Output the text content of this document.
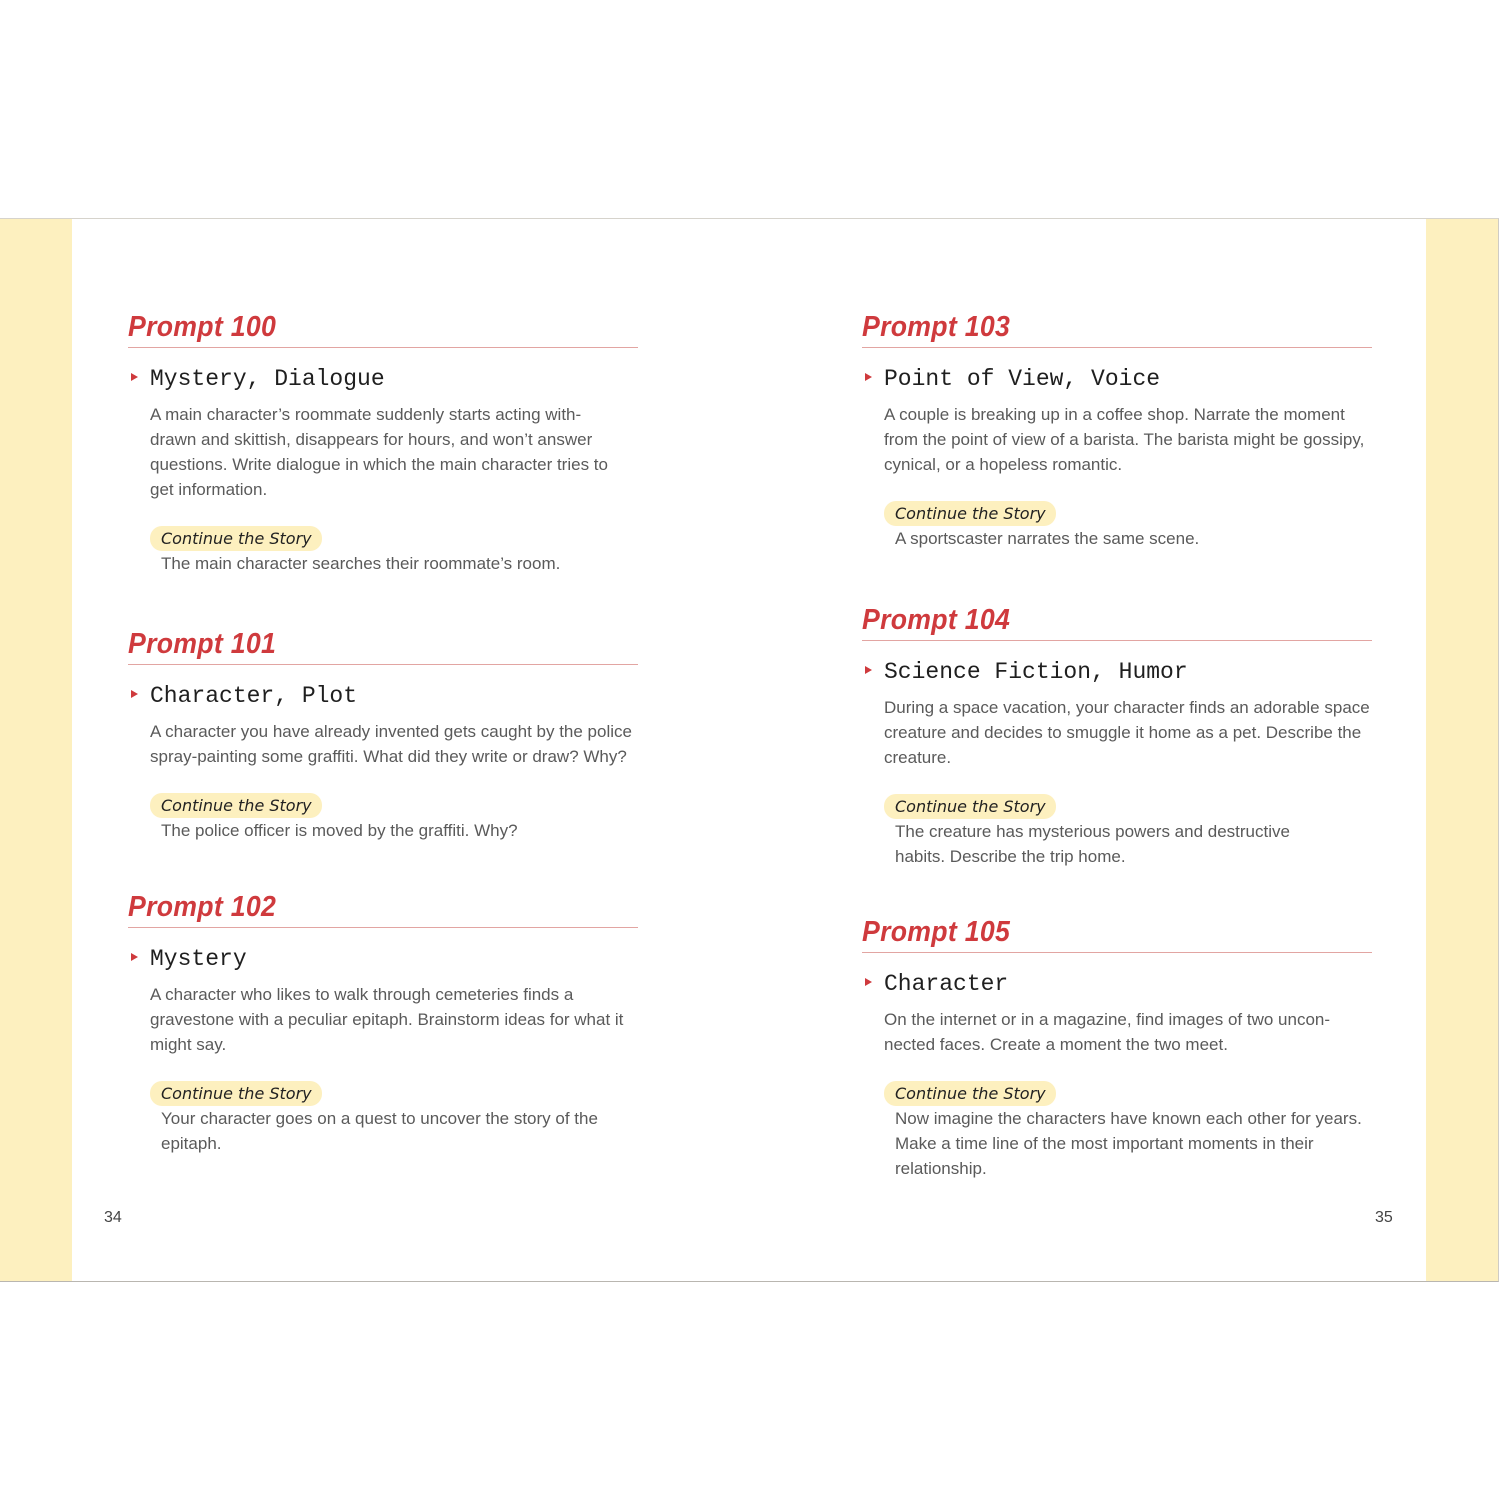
Prompt 100
Mystery, Dialogue
A main character’s roommate suddenly starts acting with-
drawn and skittish, disappears for hours, and won’t answer
questions. Write dialogue in which the main character tries to
get information.
Continue the Story
The main character searches their roommate’s room.
Prompt 101
Character, Plot
A character you have already invented gets caught by the police
spray-painting some graffiti. What did they write or draw? Why?
Continue the Story
The police officer is moved by the graffiti. Why?
Prompt 102
Mystery
A character who likes to walk through cemeteries finds a
gravestone with a peculiar epitaph. Brainstorm ideas for what it
might say.
Continue the Story
Your character goes on a quest to uncover the story of the
epitaph.
Prompt 103
Point of View, Voice
A couple is breaking up in a coffee shop. Narrate the moment
from the point of view of a barista. The barista might be gossipy,
cynical, or a hopeless romantic.
Continue the Story
A sportscaster narrates the same scene.
Prompt 104
Science Fiction, Humor
During a space vacation, your character finds an adorable space
creature and decides to smuggle it home as a pet. Describe the
creature.
Continue the Story
The creature has mysterious powers and destructive
habits. Describe the trip home.
Prompt 105
Character
On the internet or in a magazine, find images of two uncon-
nected faces. Create a moment the two meet.
Continue the Story
Now imagine the characters have known each other for years.
Make a time line of the most important moments in their
relationship.
34	35
